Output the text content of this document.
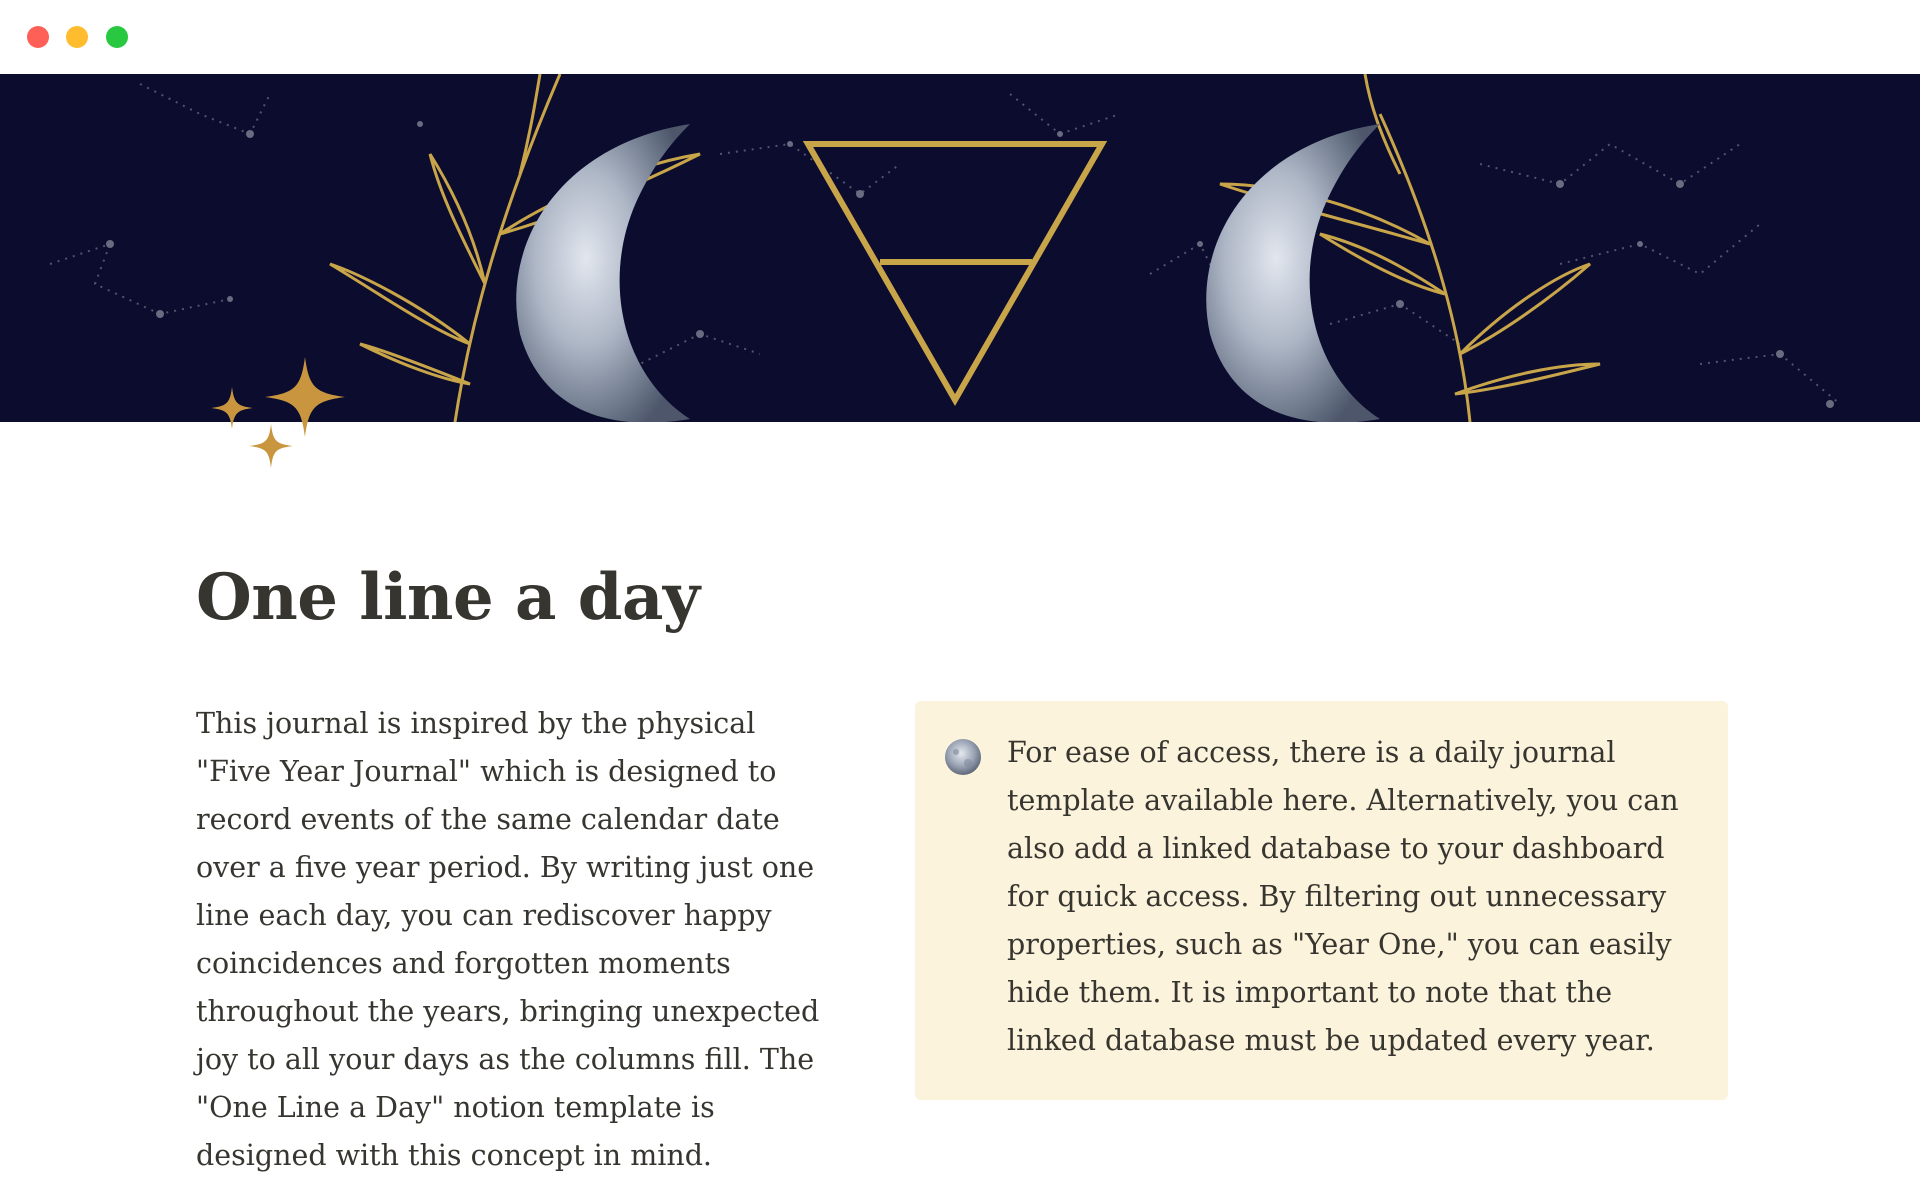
One line a day

This journal is inspired by the physical "Five Year Journal" which is designed to record events of the same calendar date over a five year period. By writing just one line each day, you can rediscover happy coincidences and forgotten moments throughout the years, bringing unexpected joy to all your days as the columns fill. The "One Line a Day" notion template is designed with this concept in mind.

For ease of access, there is a daily journal template available here. Alternatively, you can also add a linked database to your dashboard for quick access. By filtering out unnecessary properties, such as "Year One," you can easily hide them. It is important to note that the linked database must be updated every year.
